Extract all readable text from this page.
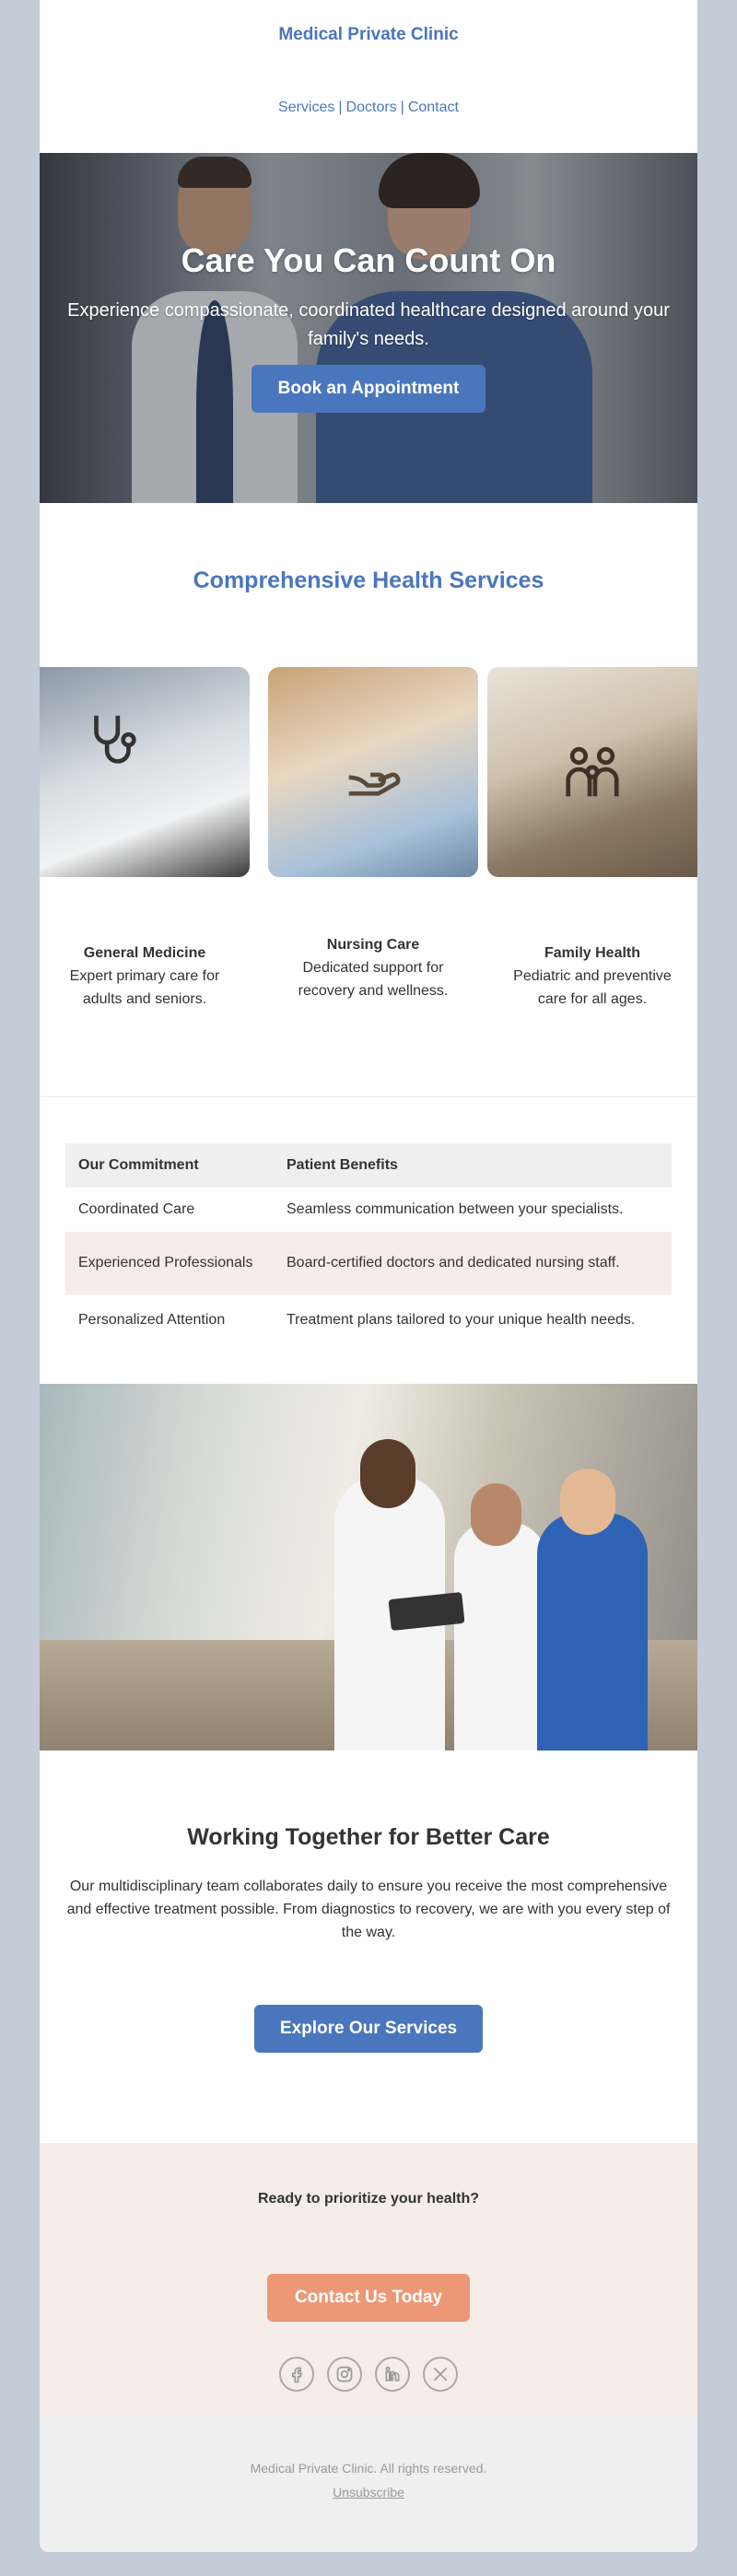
Medical Private Clinic
Services | Doctors | Contact
Care You Can Count On
Experience compassionate, coordinated healthcare designed around your family's needs.
Book an Appointment
Comprehensive Health Services
General Medicine
Expert primary care for adults and seniors.
Nursing Care
Dedicated support for recovery and wellness.
Family Health
Pediatric and preventive care for all ages.
Our Commitment	Patient Benefits
Coordinated Care	Seamless communication between your specialists.
Experienced Professionals	Board-certified doctors and dedicated nursing staff.
Personalized Attention	Treatment plans tailored to your unique health needs.
Working Together for Better Care
Our multidisciplinary team collaborates daily to ensure you receive the most comprehensive and effective treatment possible. From diagnostics to recovery, we are with you every step of the way.
Explore Our Services
Ready to prioritize your health?
Contact Us Today

Medical Private Clinic. All rights reserved.
Unsubscribe
